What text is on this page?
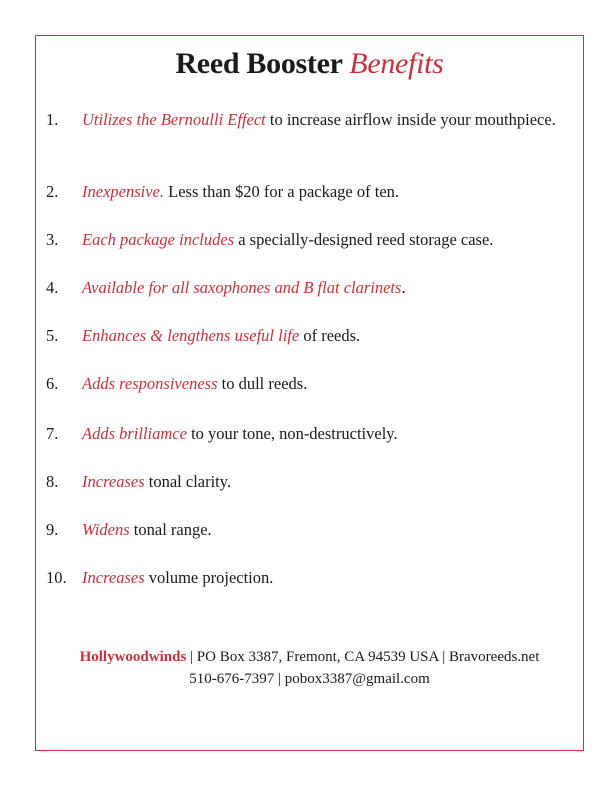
Reed Booster Benefits
1. Utilizes the Bernoulli Effect to increase airflow inside your mouthpiece.
2. Inexpensive. Less than $20 for a package of ten.
3. Each package includes a specially-designed reed storage case.
4. Available for all saxophones and B flat clarinets.
5. Enhances & lengthens useful life of reeds.
6. Adds responsiveness to dull reeds.
7. Adds brilliamce to your tone, non-destructively.
8. Increases tonal clarity.
9. Widens tonal range.
10. Increases volume projection.
Hollywoodwinds | PO Box 3387, Fremont, CA 94539 USA | Bravoreeds.net
510-676-7397 | pobox3387@gmail.com
